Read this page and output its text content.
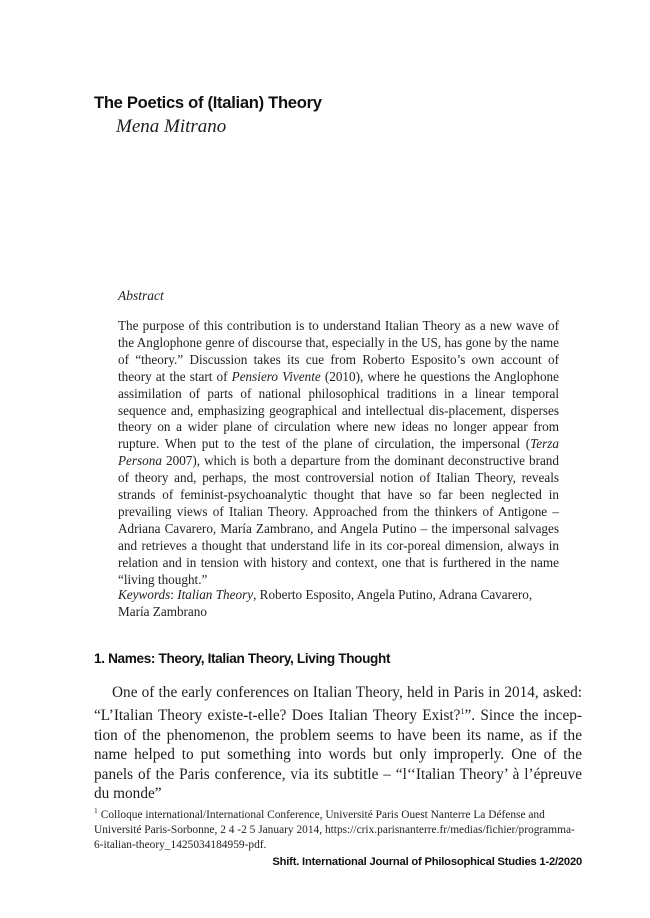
The Poetics of (Italian) Theory
Mena Mitrano
Abstract
The purpose of this contribution is to understand Italian Theory as a new wave of the Anglophone genre of discourse that, especially in the US, has gone by the name of “theory.” Discussion takes its cue from Roberto Esposito’s own account of theory at the start of Pensiero Vivente (2010), where he questions the Anglophone assimilation of parts of national philosophical traditions in a linear temporal sequence and, emphasizing geographical and intellectual dis-placement, disperses theory on a wider plane of circulation where new ideas no longer appear from rupture. When put to the test of the plane of circulation, the impersonal (Terza Persona 2007), which is both a departure from the dominant deconstructive brand of theory and, perhaps, the most controversial notion of Italian Theory, reveals strands of feminist-psychoanalytic thought that have so far been neglected in prevailing views of Italian Theory. Approached from the thinkers of Antigone – Adriana Cavarero, María Zambrano, and Angela Putino – the impersonal salvages and retrieves a thought that understand life in its cor-poreal dimension, always in relation and in tension with history and context, one that is furthered in the name “living thought.”
Keywords: Italian Theory, Roberto Esposito, Angela Putino, Adrana Cavarero, María Zambrano
1. Names: Theory, Italian Theory, Living Thought
One of the early conferences on Italian Theory, held in Paris in 2014, asked: “L’Italian Theory existe-t-elle? Does Italian Theory Exist?$^1$”. Since the incep-tion of the phenomenon, the problem seems to have been its name, as if the name helped to put something into words but only improperly. One of the panels of the Paris conference, via its subtitle – “l‘‘Italian Theory’ à l’épreuve du monde”
$^1$ Colloque international/International Conference, Université Paris Ouest Nanterre La Défense and Université Paris-Sorbonne, 2 4 -2 5 January 2014, https://crix.parisnanterre.fr/medias/fichier/programma-6-italian-theory_1425034184959-pdf.
Shift. International Journal of Philosophical Studies 1-2/2020
